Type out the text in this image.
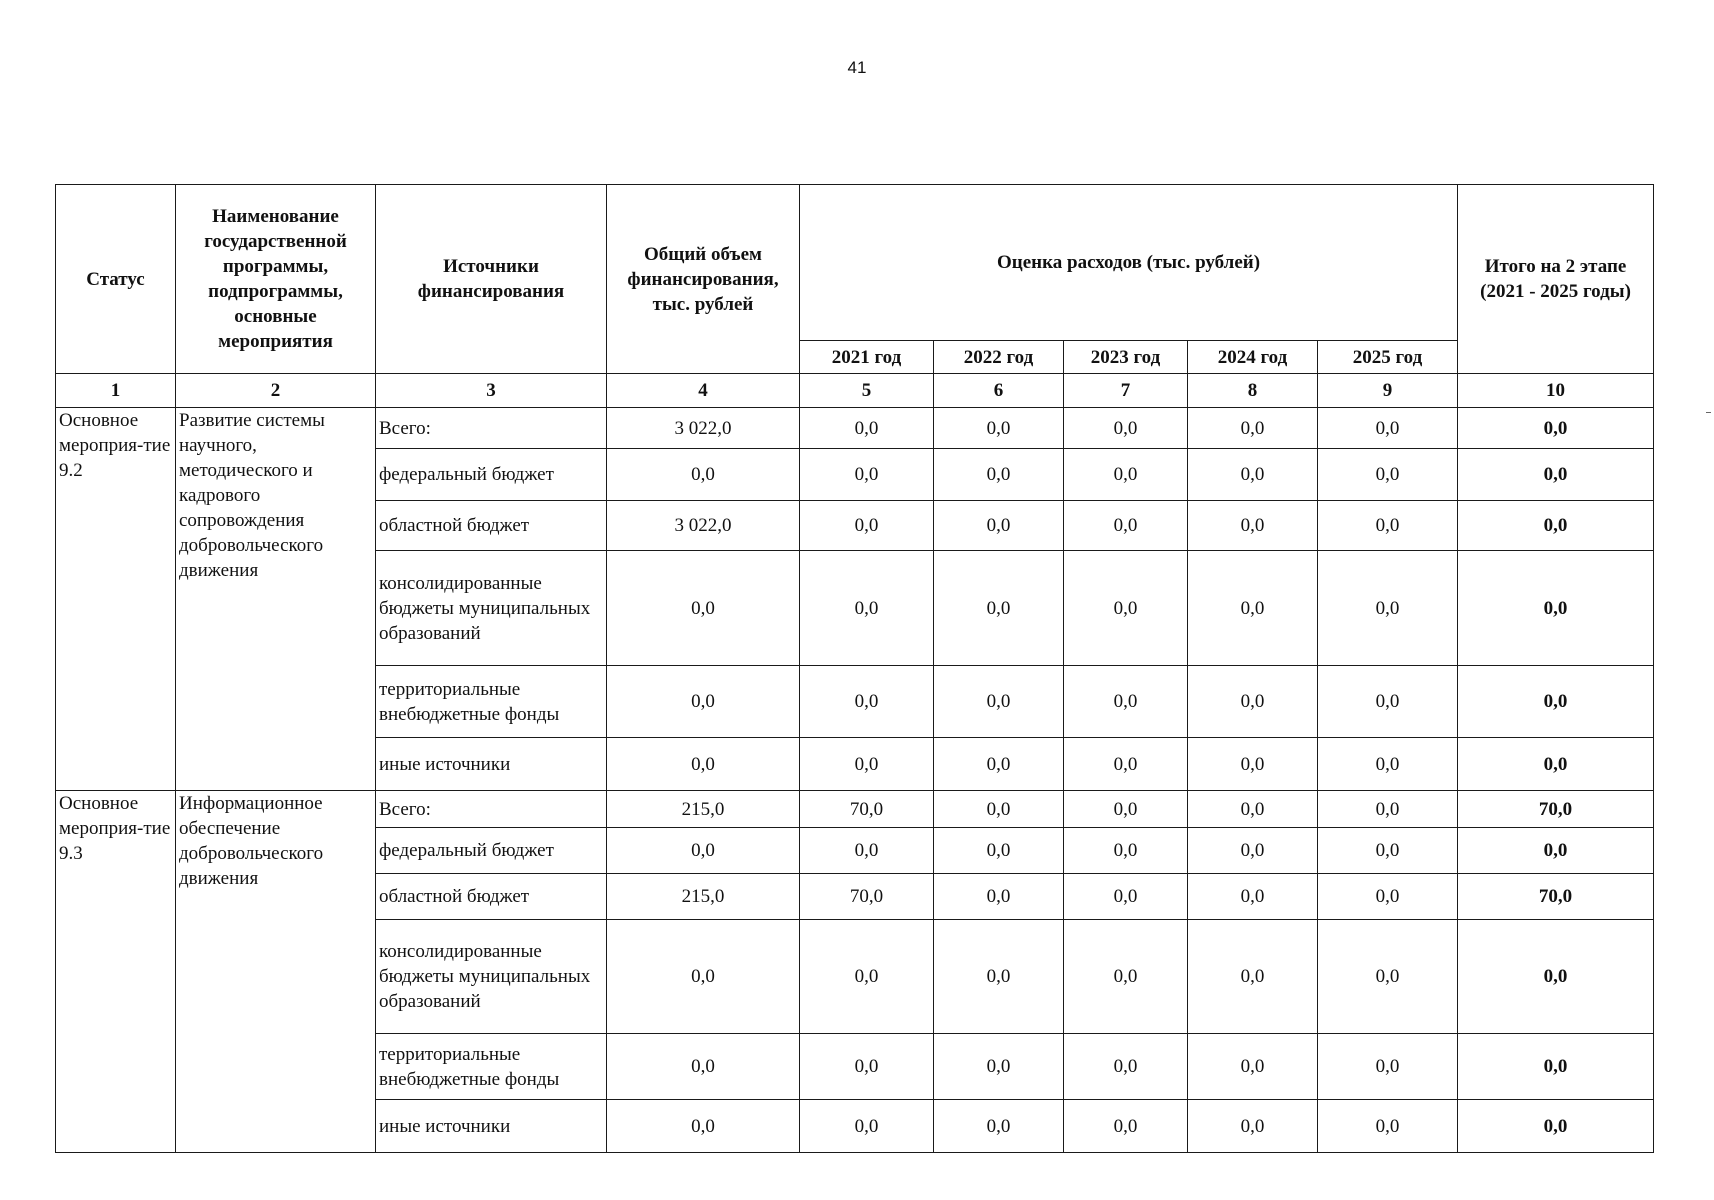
41
Статус	Наименование государственной программы, подпрограммы, основные мероприятия	Источники финансирования	Общий объем финансирования, тыс. рублей	Оценка расходов (тыс. рублей)					Итого на 2 этапе (2021 - 2025 годы)
				2021 год	2022 год	2023 год	2024 год	2025 год	
1	2	3	4	5	6	7	8	9	10
Основное мероприя-тие 9.2	Развитие системы научного, методического и кадрового сопровождения добровольческого движения	Всего:	3 022,0	0,0	0,0	0,0	0,0	0,0	0,0
		федеральный бюджет	0,0	0,0	0,0	0,0	0,0	0,0	0,0
		областной бюджет	3 022,0	0,0	0,0	0,0	0,0	0,0	0,0
		консолидированные бюджеты муниципальных образований	0,0	0,0	0,0	0,0	0,0	0,0	0,0
		территориальные внебюджетные фонды	0,0	0,0	0,0	0,0	0,0	0,0	0,0
		иные источники	0,0	0,0	0,0	0,0	0,0	0,0	0,0
Основное мероприя-тие 9.3	Информационное обеспечение добровольческого движения	Всего:	215,0	70,0	0,0	0,0	0,0	0,0	70,0
		федеральный бюджет	0,0	0,0	0,0	0,0	0,0	0,0	0,0
		областной бюджет	215,0	70,0	0,0	0,0	0,0	0,0	70,0
		консолидированные бюджеты муниципальных образований	0,0	0,0	0,0	0,0	0,0	0,0	0,0
		территориальные внебюджетные фонды	0,0	0,0	0,0	0,0	0,0	0,0	0,0
		иные источники	0,0	0,0	0,0	0,0	0,0	0,0	0,0
